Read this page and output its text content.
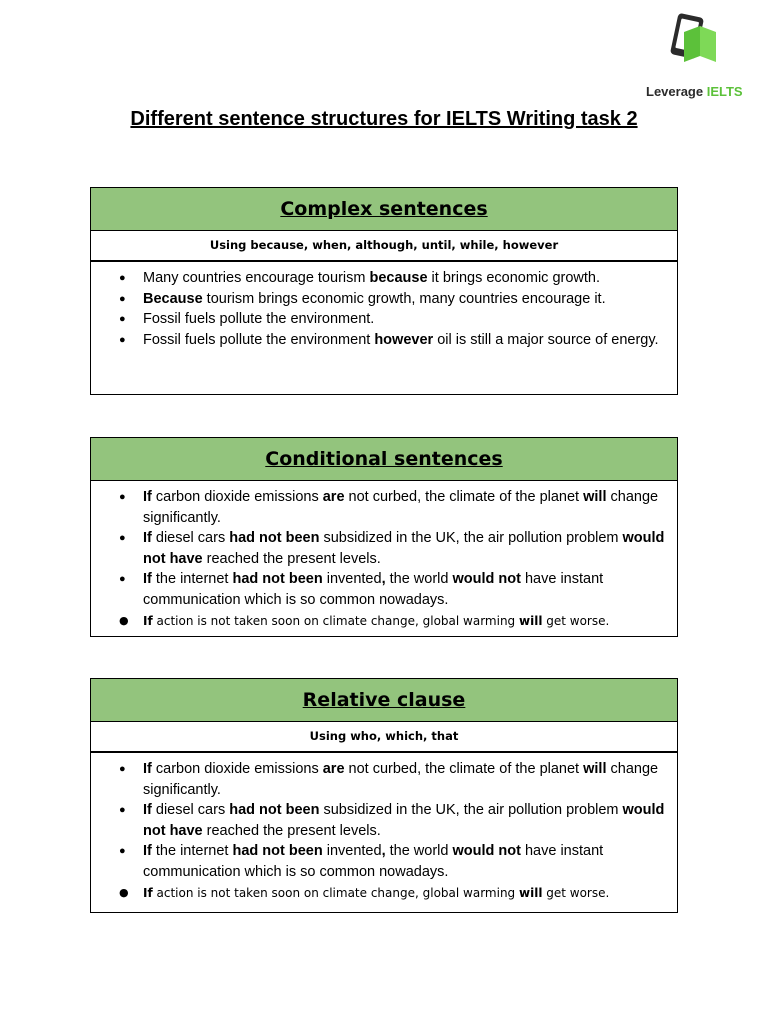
Leverage IELTS
Different sentence structures for IELTS Writing task 2
Complex sentences
Using because, when, although, until, while, however
● Many countries encourage tourism because it brings economic growth.
● Because tourism brings economic growth, many countries encourage it.
● Fossil fuels pollute the environment.
● Fossil fuels pollute the environment however oil is still a major source of energy.
Conditional sentences
● If carbon dioxide emissions are not curbed, the climate of the planet will change significantly.
● If diesel cars had not been subsidized in the UK, the air pollution problem would not have reached the present levels.
● If the internet had not been invented, the world would not have instant communication which is so common nowadays.
● If action is not taken soon on climate change, global warming will get worse.
Relative clause
Using who, which, that
● If carbon dioxide emissions are not curbed, the climate of the planet will change significantly.
● If diesel cars had not been subsidized in the UK, the air pollution problem would not have reached the present levels.
● If the internet had not been invented, the world would not have instant communication which is so common nowadays.
● If action is not taken soon on climate change, global warming will get worse.
